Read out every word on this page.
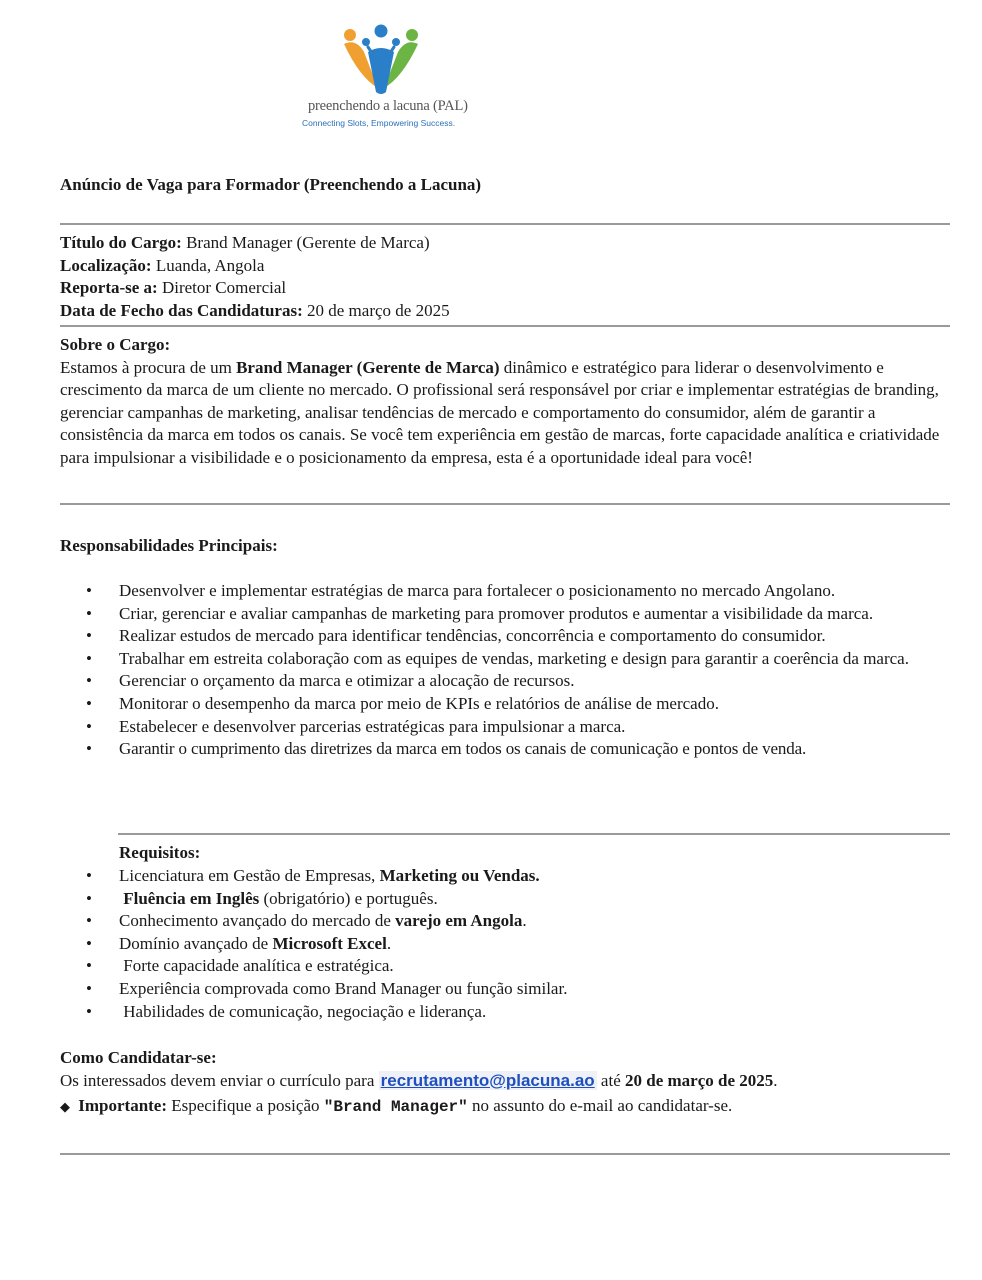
preenchendo a lacuna (PAL)
Connecting Slots, Empowering Success.
Anúncio de Vaga para Formador (Preenchendo a Lacuna)
Título do Cargo: Brand Manager (Gerente de Marca)
Localização: Luanda, Angola
Reporta-se a: Diretor Comercial
Data de Fecho das Candidaturas: 20 de março de 2025
Sobre o Cargo:
Estamos à procura de um Brand Manager (Gerente de Marca) dinâmico e estratégico para liderar o desenvolvimento e crescimento da marca de um cliente no mercado. O profissional será responsável por criar e implementar estratégias de branding, gerenciar campanhas de marketing, analisar tendências de mercado e comportamento do consumidor, além de garantir a consistência da marca em todos os canais. Se você tem experiência em gestão de marcas, forte capacidade analítica e criatividade para impulsionar a visibilidade e o posicionamento da empresa, esta é a oportunidade ideal para você!
Responsabilidades Principais:
• Desenvolver e implementar estratégias de marca para fortalecer o posicionamento no mercado Angolano.
• Criar, gerenciar e avaliar campanhas de marketing para promover produtos e aumentar a visibilidade da marca.
• Realizar estudos de mercado para identificar tendências, concorrência e comportamento do consumidor.
• Trabalhar em estreita colaboração com as equipes de vendas, marketing e design para garantir a coerência da marca.
• Gerenciar o orçamento da marca e otimizar a alocação de recursos.
• Monitorar o desempenho da marca por meio de KPIs e relatórios de análise de mercado.
• Estabelecer e desenvolver parcerias estratégicas para impulsionar a marca.
• Garantir o cumprimento das diretrizes da marca em todos os canais de comunicação e pontos de venda.
Requisitos:
• Licenciatura em Gestão de Empresas, Marketing ou Vendas.
• Fluência em Inglês (obrigatório) e português.
• Conhecimento avançado do mercado de varejo em Angola.
• Domínio avançado de Microsoft Excel.
• Forte capacidade analítica e estratégica.
• Experiência comprovada como Brand Manager ou função similar.
• Habilidades de comunicação, negociação e liderança.
Como Candidatar-se:
Os interessados devem enviar o currículo para recrutamento@placuna.ao até 20 de março de 2025.
◆ Importante: Especifique a posição "Brand Manager" no assunto do e-mail ao candidatar-se.
